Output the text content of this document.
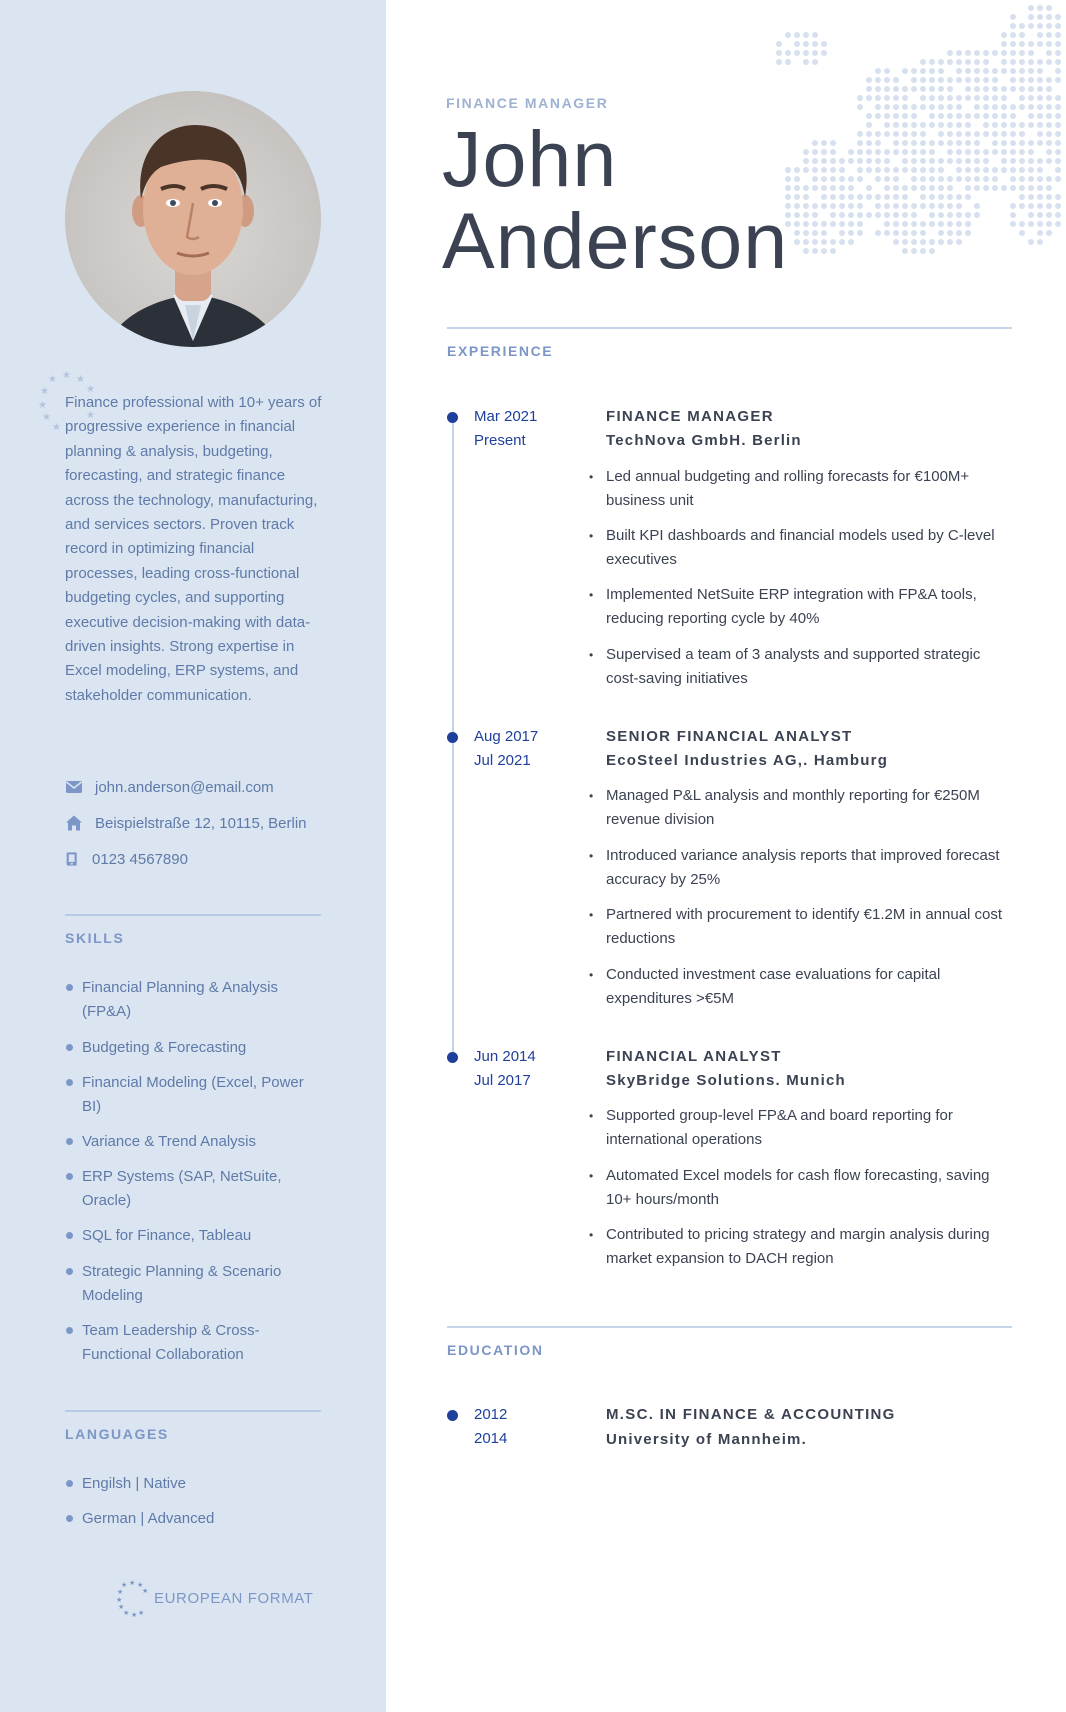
★ ★
★
★
★
★
★
★
★
Finance professional with 10+ years of progressive experience in financial planning & analysis, budgeting, forecasting, and strategic finance across the technology, manufacturing, and services sectors. Proven track record in optimizing financial processes, leading cross-functional budgeting cycles, and supporting executive decision-making with data-driven insights. Strong expertise in Excel modeling, ERP systems, and stakeholder communication.
john.anderson@email.com
Beispielstraße 12, 10115, Berlin
0123 4567890
SKILLS
Financial Planning & Analysis (FP&A)
Budgeting & Forecasting
Financial Modeling (Excel, Power BI)
Variance & Trend Analysis
ERP Systems (SAP, NetSuite, Oracle)
SQL for Finance, Tableau
Strategic Planning & Scenario Modeling
Team Leadership & Cross-Functional Collaboration
LANGUAGES
Engilsh | Native
German | Advanced
★ ★
★
★
★
★
★
★ ★ ★
EUROPEAN FORMAT
FINANCE MANAGER
John
Anderson
EXPERIENCE
Mar 2021
Present
FINANCE MANAGER
TechNova GmbH. Berlin
• Led annual budgeting and rolling forecasts for €100M+ business unit
• Built KPI dashboards and financial models used by C-level executives
• Implemented NetSuite ERP integration with FP&A tools, reducing reporting cycle by 40%
• Supervised a team of 3 analysts and supported strategic cost-saving initiatives
Aug 2017
Jul 2021
SENIOR FINANCIAL ANALYST
EcoSteel Industries AG,. Hamburg
• Managed P&L analysis and monthly reporting for €250M revenue division
• Introduced variance analysis reports that improved forecast accuracy by 25%
• Partnered with procurement to identify €1.2M in annual cost reductions
• Conducted investment case evaluations for capital expenditures >€5M
Jun 2014
Jul 2017
FINANCIAL ANALYST
SkyBridge Solutions. Munich
• Supported group-level FP&A and board reporting for international operations
• Automated Excel models for cash flow forecasting, saving 10+ hours/month
• Contributed to pricing strategy and margin analysis during market expansion to DACH region
EDUCATION
2012
2014
M.SC. IN FINANCE & ACCOUNTING
University of Mannheim.
